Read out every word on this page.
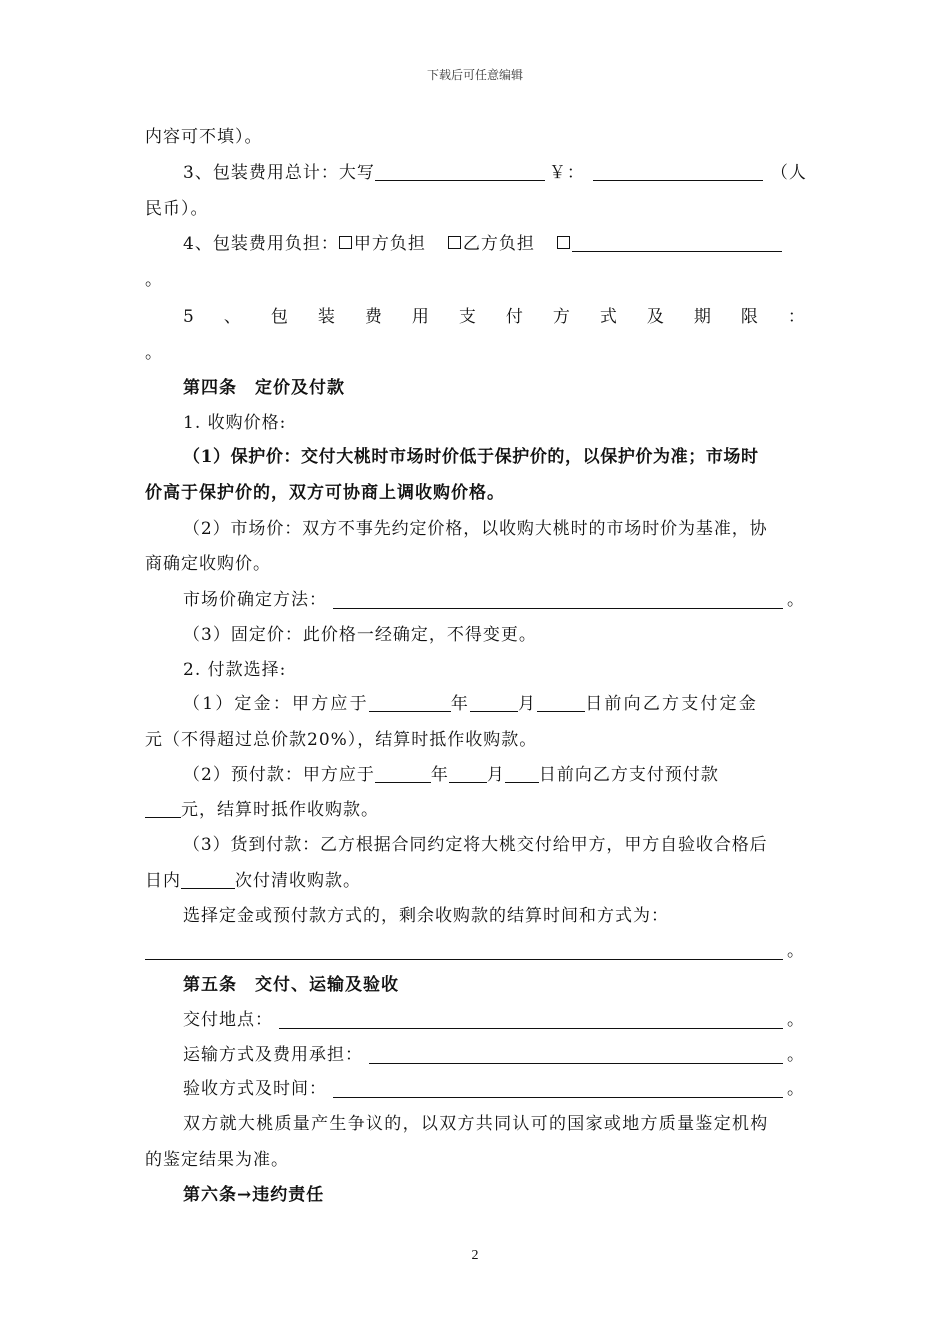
下载后可任意编辑
内容可不填）。
3、包装费用总计：大写	￥：	（人
民币）。
4、包装费用负担： 甲方负担 乙方负担
。
5 、 包 装 费 用 支 付 方 式 及 期 限 ：
。
第四条　定价及付款
1. 收购价格:
（1）保护价：交付大桃时市场时价低于保护价的，以保护价为准；市场时
价高于保护价的，双方可协商上调收购价格。
（2）市场价：双方不事先约定价格，以收购大桃时的市场时价为基准，协
商确定收购价。
市场价确定方法：	。
（3）固定价：此价格一经确定，不得变更。
2. 付款选择:
（1）定金：甲方应于	年	月	日前向乙方支付定金
元（不得超过总价款20%），结算时抵作收购款。
（2）预付款：甲方应于	年 月 日前向乙方支付预付款
元，结算时抵作收购款。
（3）货到付款：乙方根据合同约定将大桃交付给甲方，甲方自验收合格后
日内	次付清收购款。
选择定金或预付款方式的，剩余收购款的结算时间和方式为：
。
第五条　交付、运输及验收
交付地点：	。
运输方式及费用承担：	。
验收方式及时间：	。
双方就大桃质量产生争议的，以双方共同认可的国家或地方质量鉴定机构
的鉴定结果为准。
第六条→违约责任
2
